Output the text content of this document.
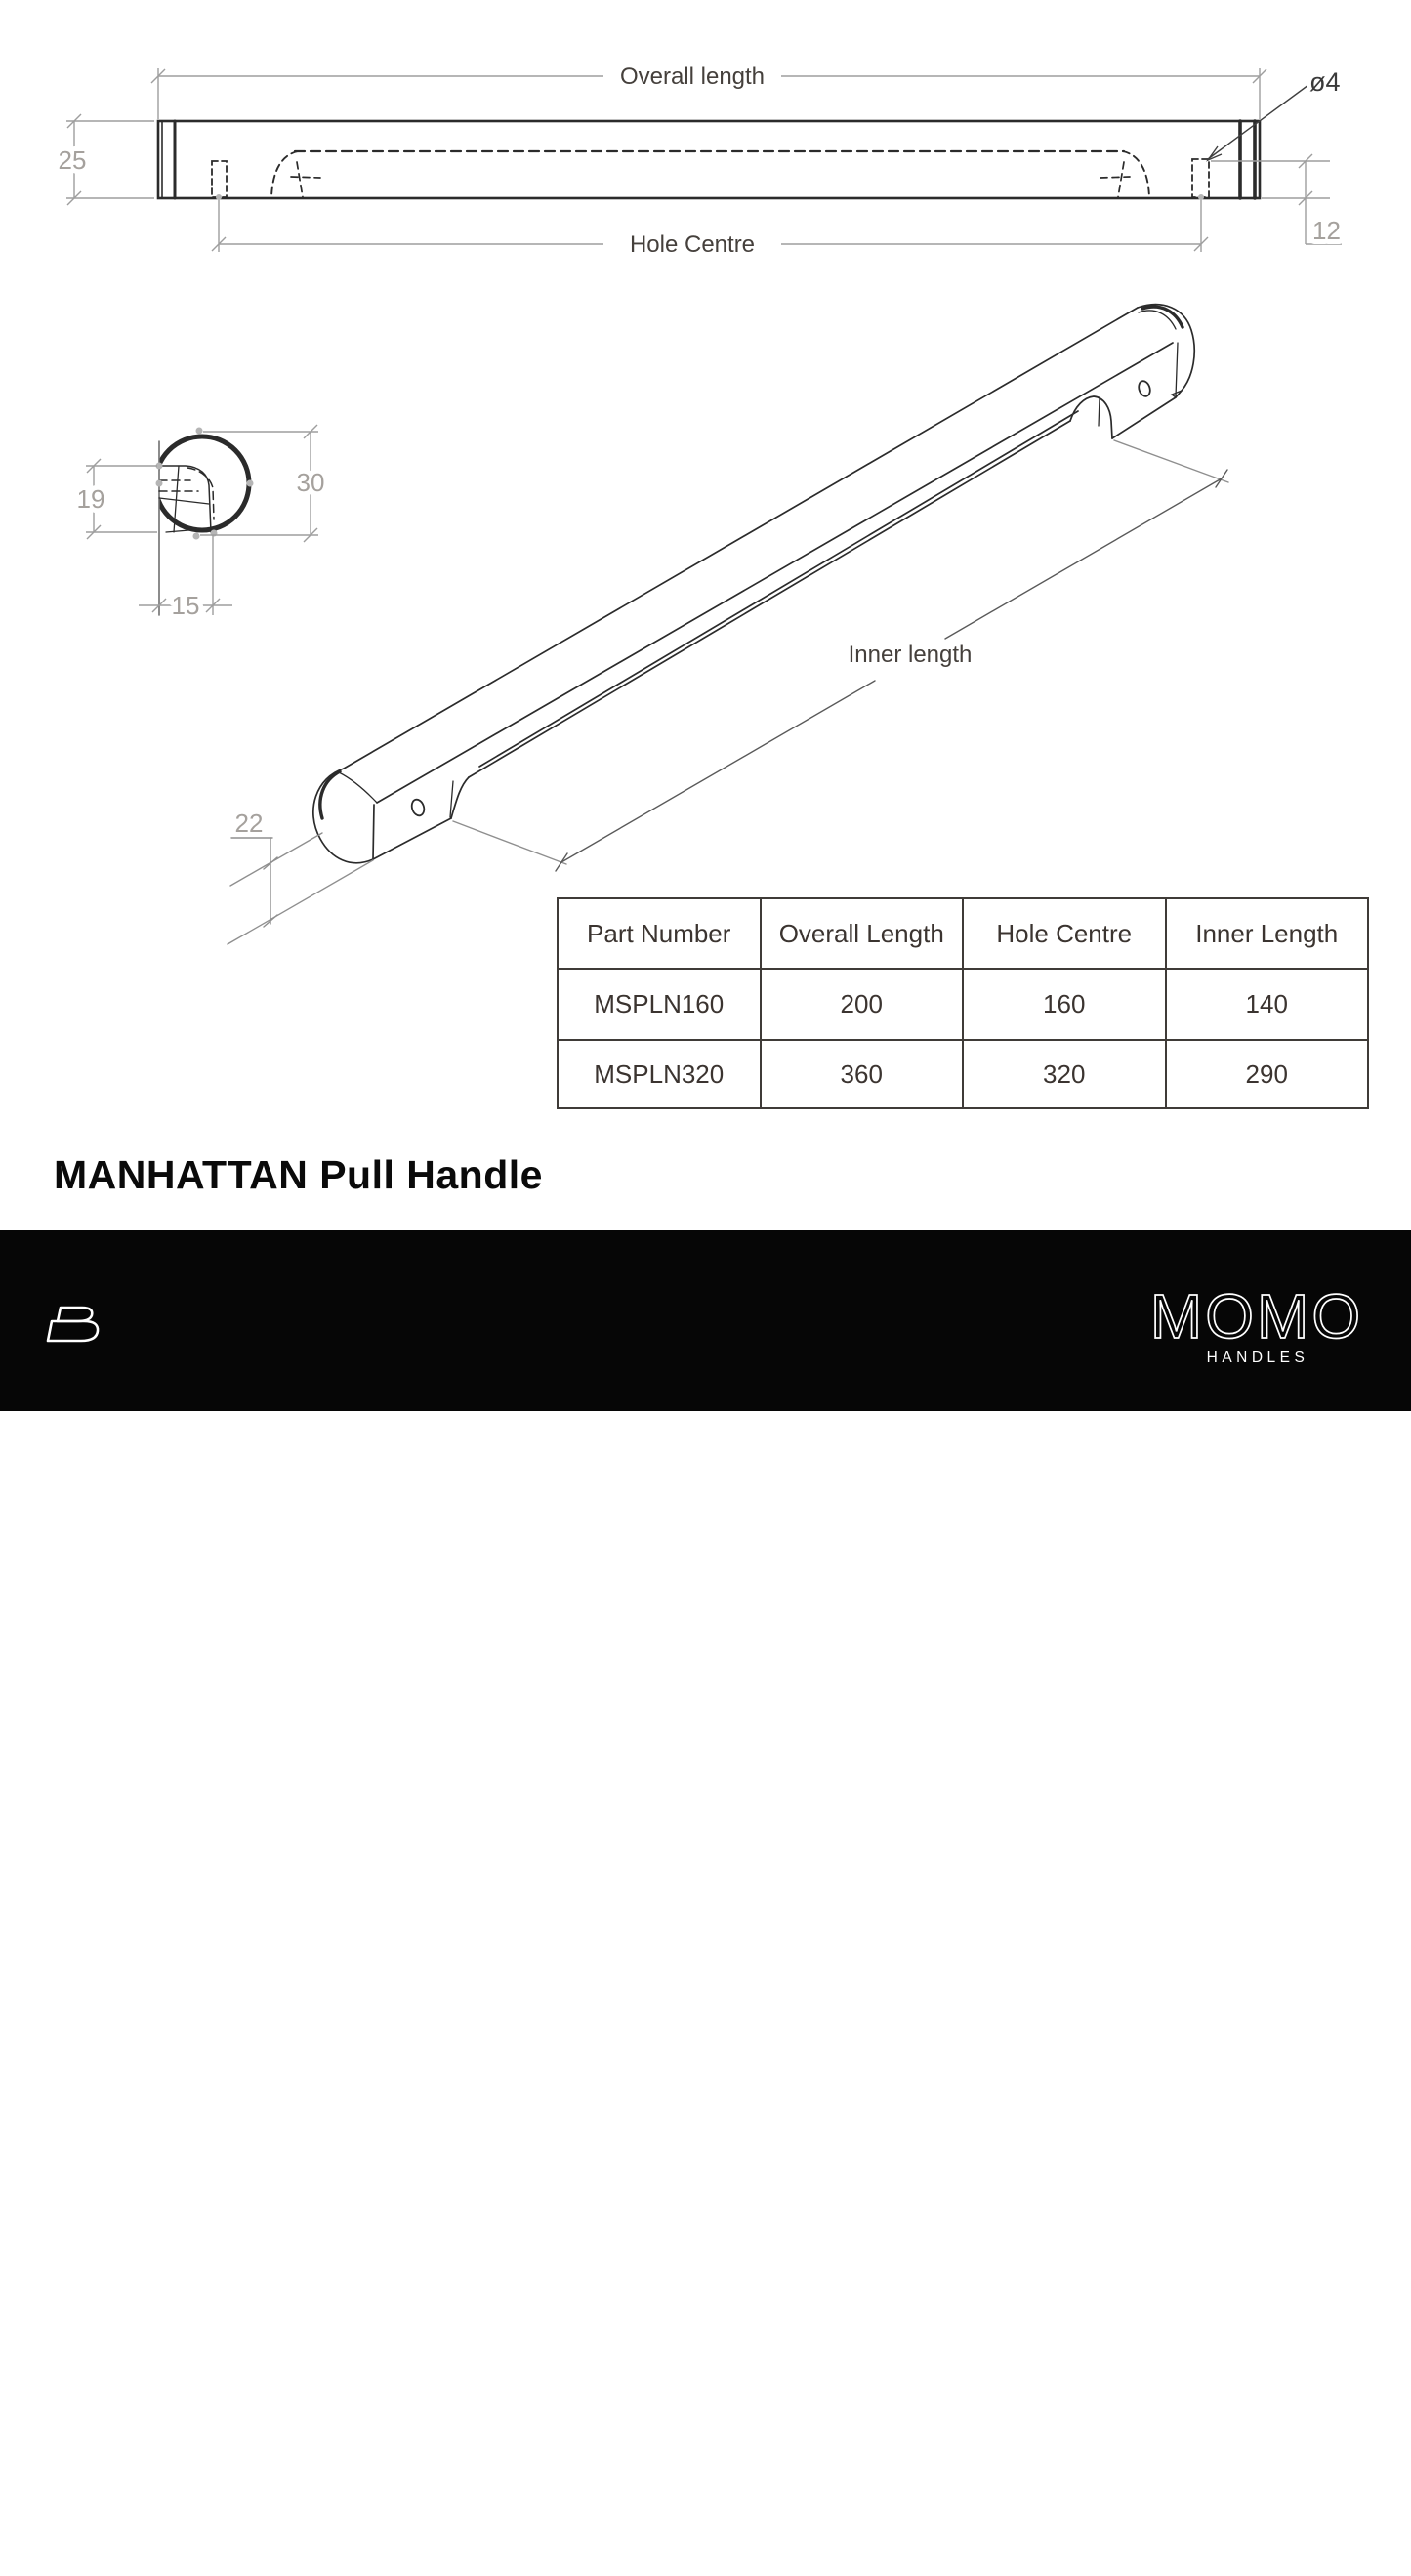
25
Overall length
Hole Centre
ø4
12
19
30
15
22
Inner length
Part Number	Overall Length	Hole Centre	Inner Length
MSPLN160	200	160	140
MSPLN320	360	320	290
MANHATTAN Pull Handle
MOMO
HANDLES
BUILDMAT
